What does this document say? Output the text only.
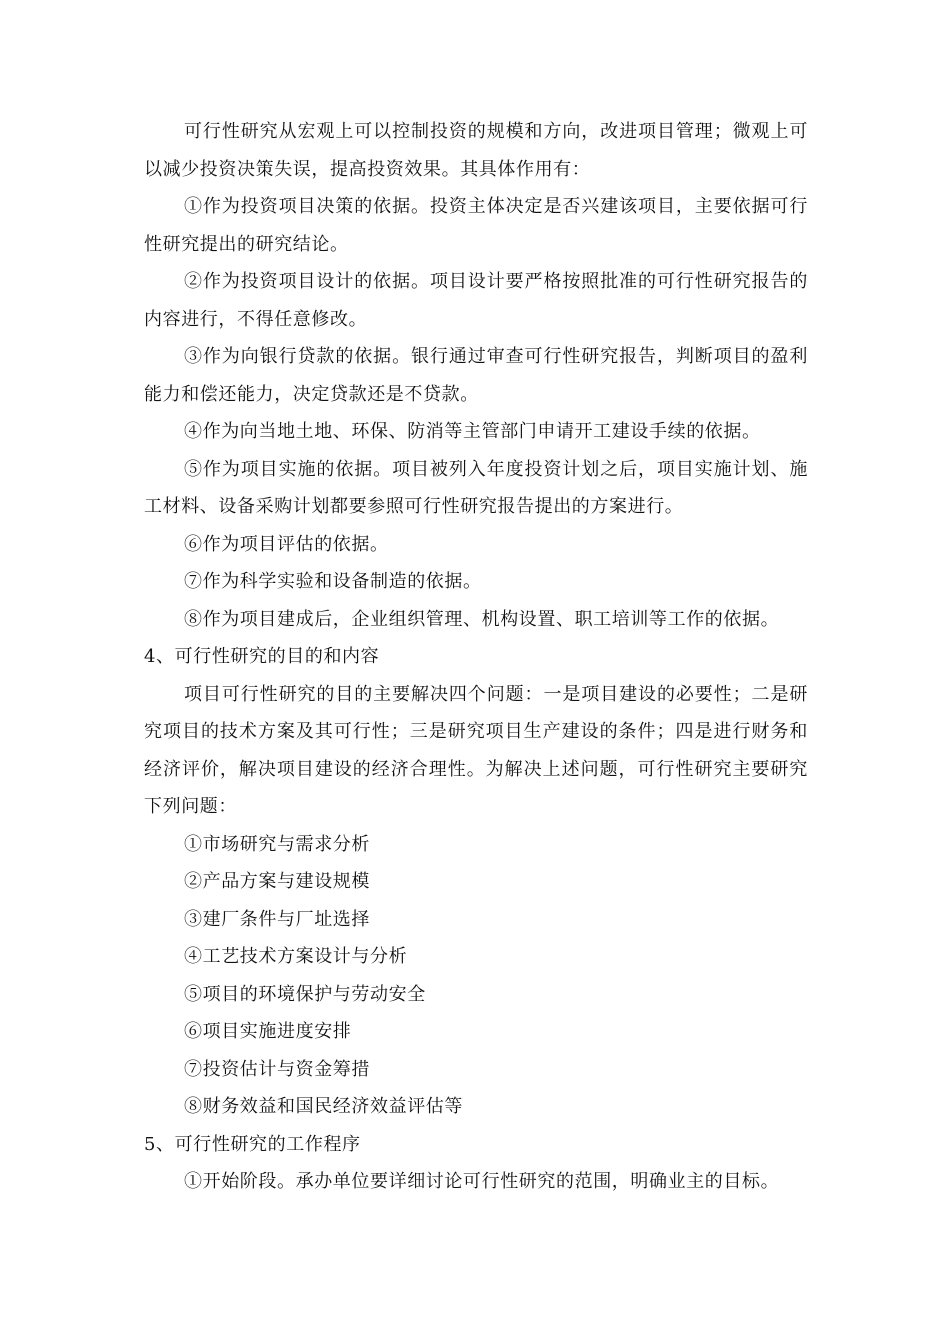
可行性研究从宏观上可以控制投资的规模和方向，改进项目管理；微观上可以减少投资决策失误，提高投资效果。其具体作用有：

①作为投资项目决策的依据。投资主体决定是否兴建该项目，主要依据可行性研究提出的研究结论。

②作为投资项目设计的依据。项目设计要严格按照批准的可行性研究报告的内容进行，不得任意修改。

③作为向银行贷款的依据。银行通过审查可行性研究报告，判断项目的盈利能力和偿还能力，决定贷款还是不贷款。

④作为向当地土地、环保、防消等主管部门申请开工建设手续的依据。

⑤作为项目实施的依据。项目被列入年度投资计划之后，项目实施计划、施工材料、设备采购计划都要参照可行性研究报告提出的方案进行。

⑥作为项目评估的依据。

⑦作为科学实验和设备制造的依据。

⑧作为项目建成后，企业组织管理、机构设置、职工培训等工作的依据。

4、可行性研究的目的和内容

项目可行性研究的目的主要解决四个问题：一是项目建设的必要性；二是研究项目的技术方案及其可行性；三是研究项目生产建设的条件；四是进行财务和经济评价，解决项目建设的经济合理性。为解决上述问题，可行性研究主要研究下列问题：

①市场研究与需求分析

②产品方案与建设规模

③建厂条件与厂址选择

④工艺技术方案设计与分析

⑤项目的环境保护与劳动安全

⑥项目实施进度安排

⑦投资估计与资金筹措

⑧财务效益和国民经济效益评估等

5、可行性研究的工作程序

①开始阶段。承办单位要详细讨论可行性研究的范围，明确业主的目标。
